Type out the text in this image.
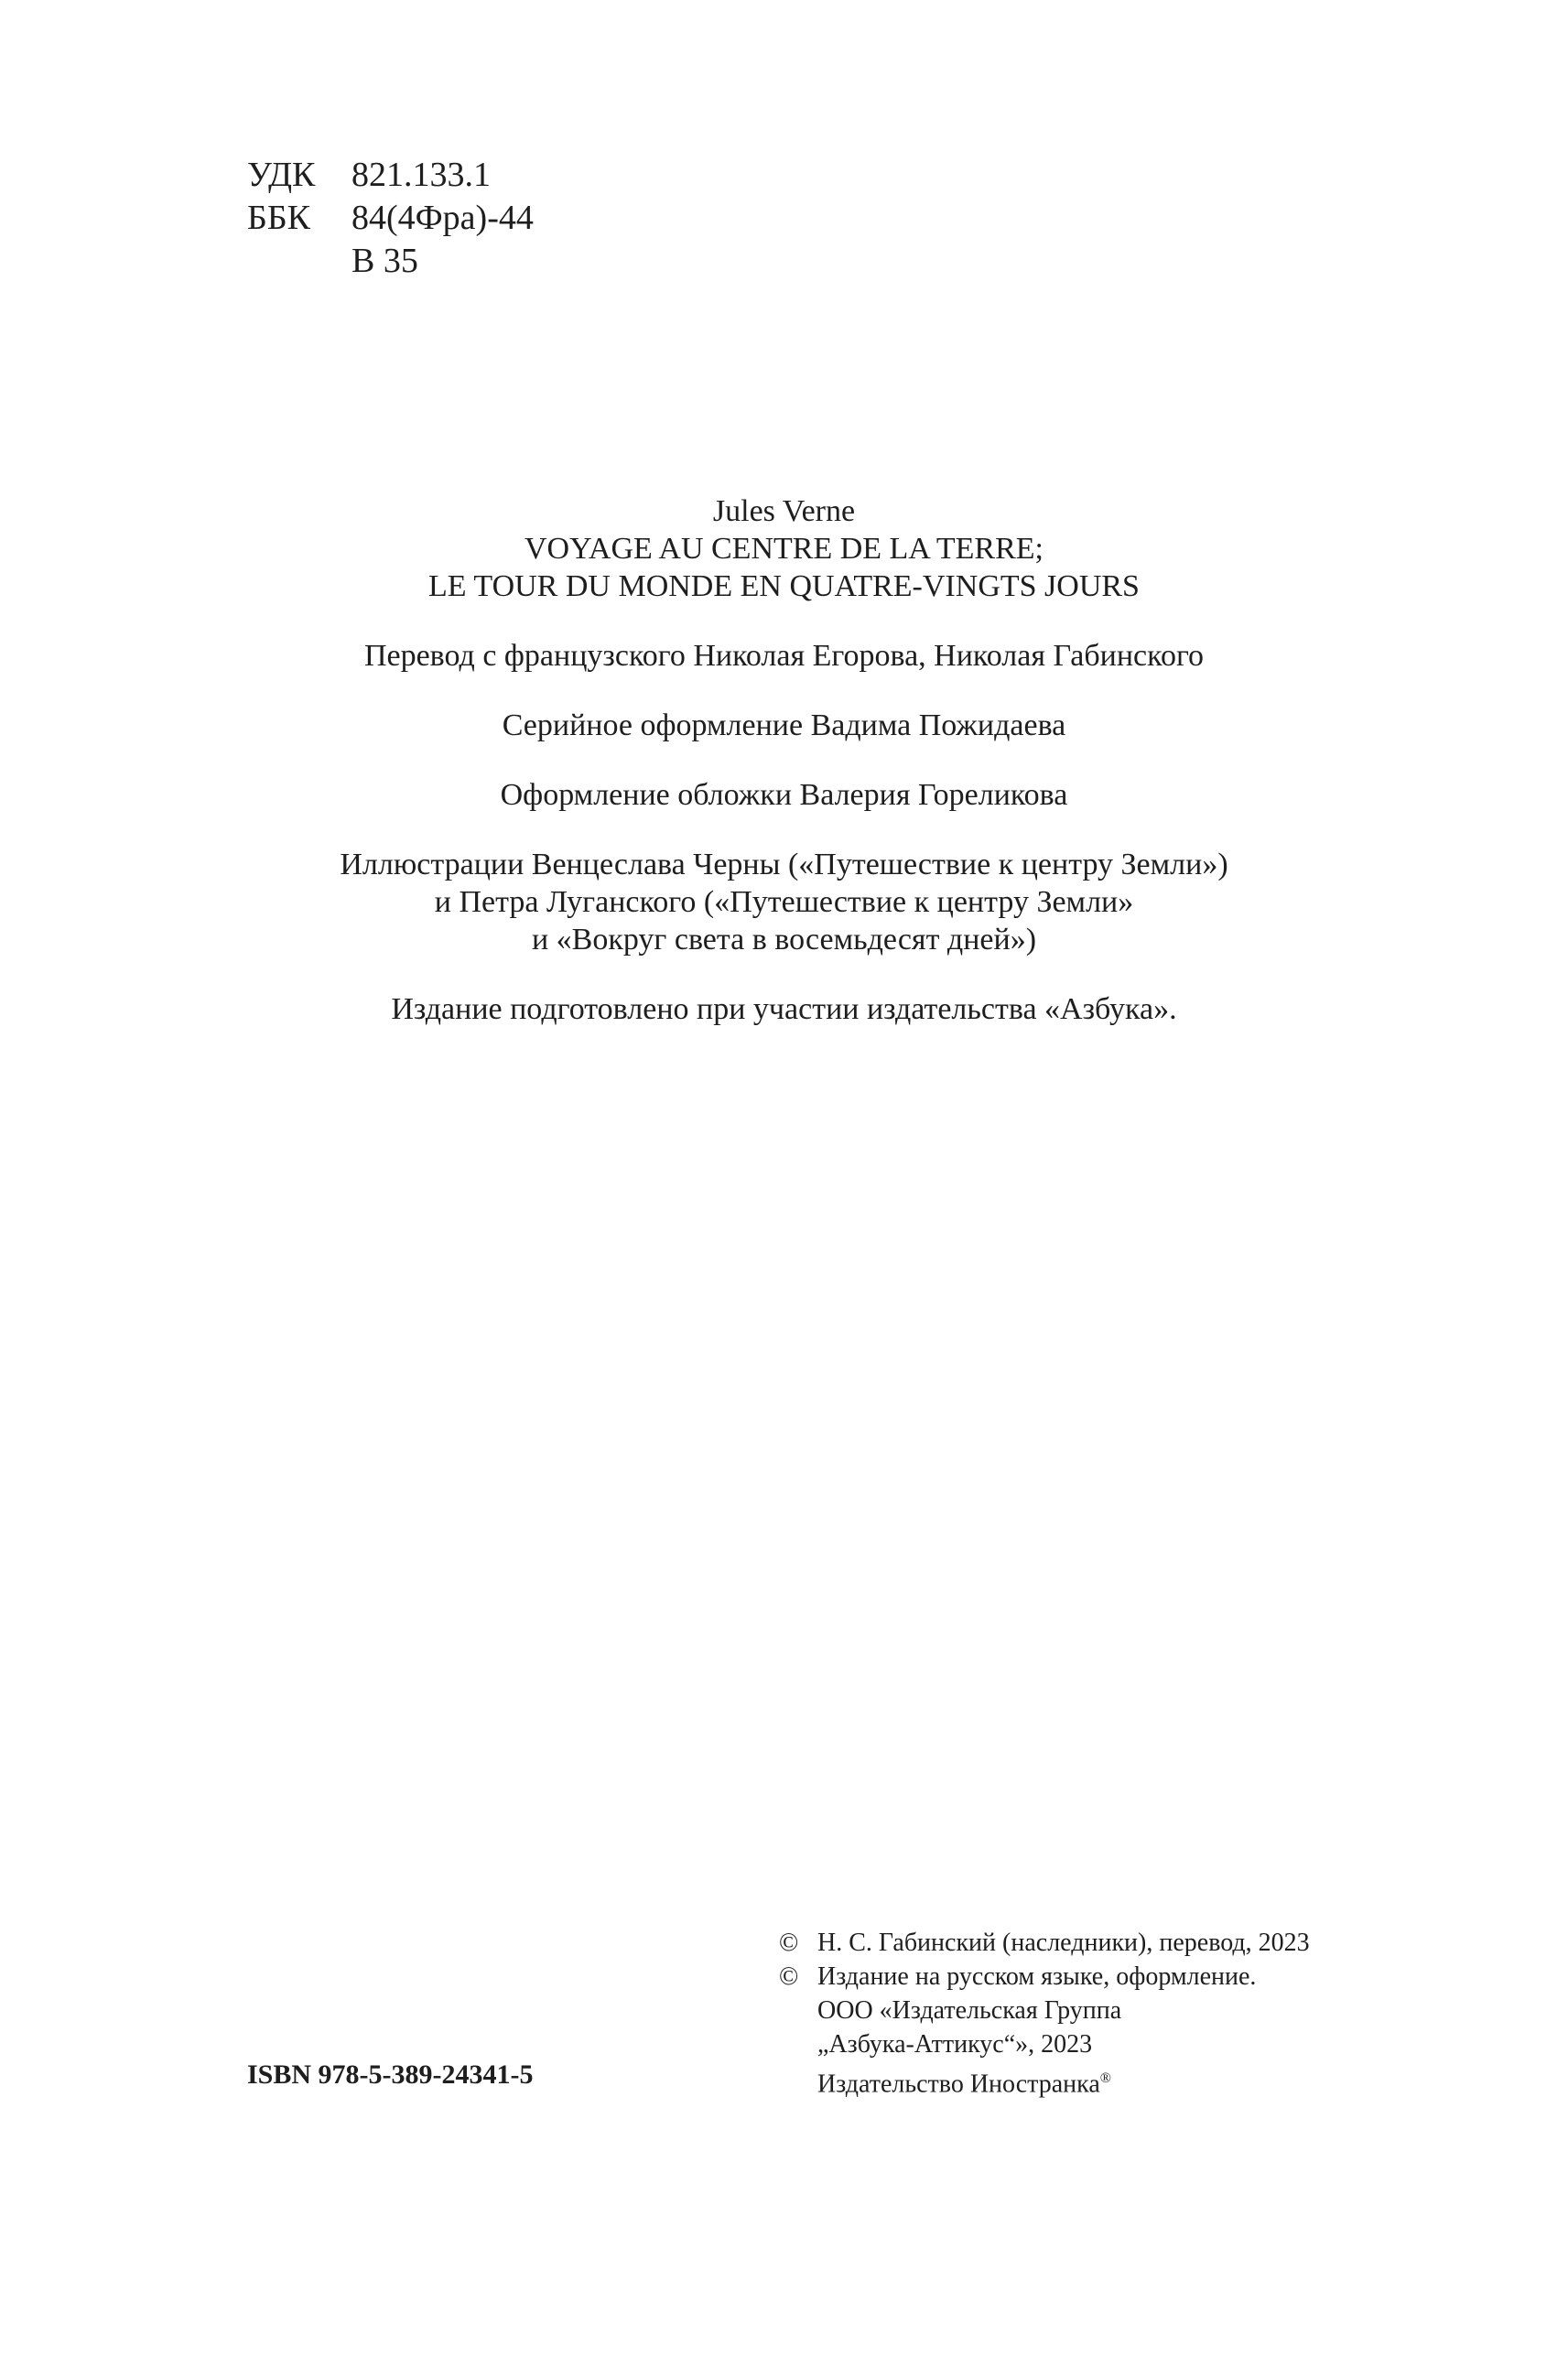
УДК	821.133.1
ББК	84(4Фра)-44
В 35

Jules Verne

VOYAGE AU CENTRE DE LA TERRE;

LE TOUR DU MONDE EN QUATRE-VINGTS JOURS

Перевод с французского Николая Егорова, Николая Габинского

Серийное оформление Вадима Пожидаева

Оформление обложки Валерия Гореликова

Иллюстрации Венцеслава Черны («Путешествие к центру Земли»)

и Петра Луганского («Путешествие к центру Земли»

и «Вокруг света в восемьдесят дней»)

Издание подготовлено при участии издательства «Азбука».

© Н. С. Габинский (наследники), перевод, 2023
© Издание на русском языке, оформление.
ООО «Издательская Группа
„Азбука-Аттикус“», 2023
Издательство Иностранка®
ISBN 978-5-389-24341-5
